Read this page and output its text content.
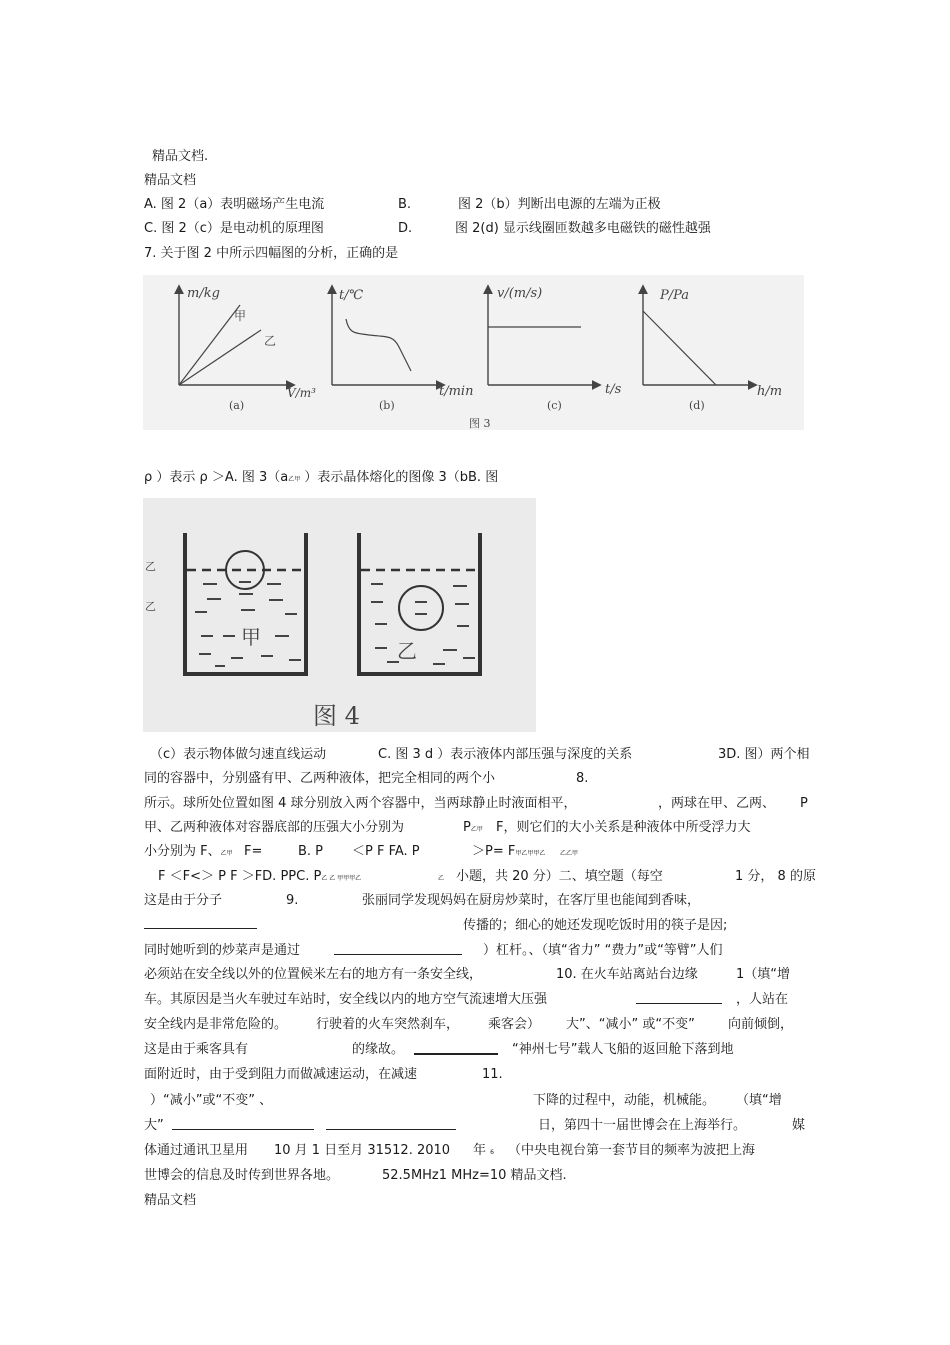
精品文档.
精品文档
A. 图 2（a）表明磁场产生电流	B.	图 2（b）判断出电源的左端为正极
C. 图 2（c）是电动机的原理图	D.	图 2(d) 显示线圈匝数越多电磁铁的磁性越强
7. 关于图 2 中所示四幅图的分析，正确的是
m/kg
V/m³
甲
乙
(a)
t/℃
t/min
(b)
v/(m/s)
t/s
(c)
P/Pa
h/m
(d)
图 3
ρ ）表示 ρ ＞A. 图 3（a乙甲 ）表示晶体熔化的图像 3（bB. 图
甲
乙
乙
乙
图 4
（c）表示物体做匀速直线运动	C. 图 3 d ）表示液体内部压强与深度的关系	3D. 图）两个相
同的容器中，分别盛有甲、乙两种液体，把完全相同的两个小	8.
所示。球所处位置如图 4 球分别放入两个容器中，当两球静止时液面相平，	，两球在甲、乙两、 P
甲、乙两种液体对容器底部的压强大小分别为	P乙甲 F，则它们的大小关系是种液体中所受浮力大
小分别为 F、乙甲 F=	B. P ＜P F FA. P	＞P= F甲乙甲甲乙 乙乙甲
F ＜F<＞ P F ＞FD. PPC. P乙 乙 甲甲甲乙	乙 小题，共 20 分）二、填空题（每空	1 分， 8 的原
这是由于分子	9.	张丽同学发现妈妈在厨房炒菜时，在客厅里也能闻到香味，
传播的；细心的她还发现吃饭时用的筷子是因;
同时她听到的炒菜声是通过	）杠杆。、（填“省力” “费力”或“等臂”人们
必须站在安全线以外的位置候米左右的地方有一条安全线，	10. 在火车站离站台边缘	1（填“增
车。其原因是当火车驶过车站时，安全线以内的地方空气流速增大压强	，人站在
安全线内是非常危险的。 行驶着的火车突然刹车， 乘客会） 大”、“减小” 或“不变”	向前倾倒，
这是由于乘客具有	的缘故。	“神州七号”载人飞船的返回舱下落到地
面附近时，由于受到阻力而做减速运动，在减速	11.
）“减小”或“不变” 、	下降的过程中，动能，机械能。 （填“增
大”	日，第四十一届世博会在上海举行。	媒
体通过通讯卫星用 10 月 1 日至月 31512. 2010 年 6 （中央电视台第一套节目的频率为波把上海
世博会的信息及时传到世界各地。	52.5MHz1 MHz=10 精品文档.
精品文档
